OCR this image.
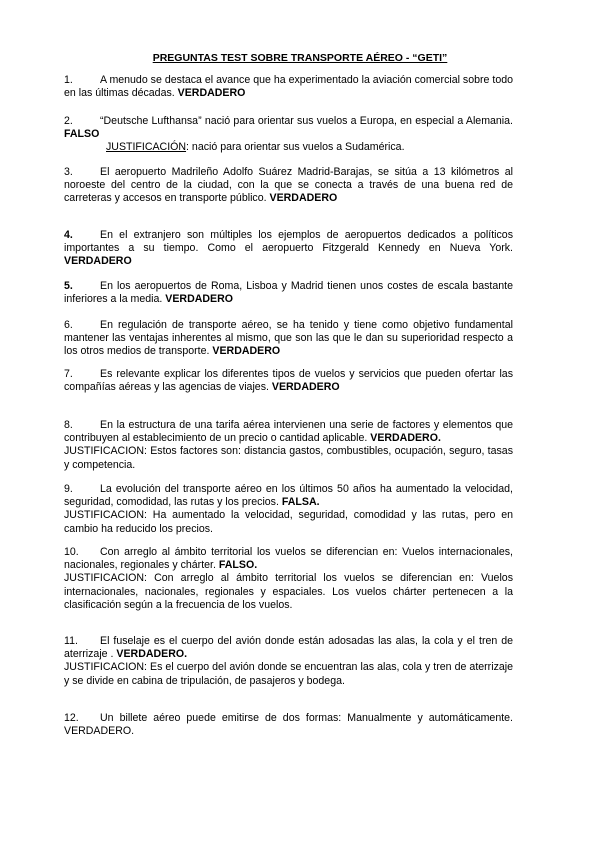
PREGUNTAS TEST SOBRE TRANSPORTE AÉREO - “GETI”
1.	A menudo se destaca el avance que ha experimentado la aviación comercial sobre todo en las últimas décadas. VERDADERO
2.	“Deutsche Lufthansa” nació para orientar sus vuelos a Europa, en especial a Alemania. FALSO
JUSTIFICACIÓN: nació para orientar sus vuelos a Sudamérica.
3.	El aeropuerto Madrileño Adolfo Suárez Madrid-Barajas, se sitúa a 13 kilómetros al noroeste del centro de la ciudad, con la que se conecta a través de una buena red de carreteras y accesos en transporte público. VERDADERO
4.	En el extranjero son múltiples los ejemplos de aeropuertos dedicados a políticos importantes a su tiempo. Como el aeropuerto Fitzgerald Kennedy en Nueva York. VERDADERO
5.	En los aeropuertos de Roma, Lisboa y Madrid tienen unos costes de escala bastante inferiores a la media. VERDADERO
6.	En regulación de transporte aéreo, se ha tenido y tiene como objetivo fundamental mantener las ventajas inherentes al mismo, que son las que le dan su superioridad respecto a los otros medios de transporte. VERDADERO
7.	Es relevante explicar los diferentes tipos de vuelos y servicios que pueden ofertar las compañías aéreas y las agencias de viajes. VERDADERO
8.	En la estructura de una tarifa aérea intervienen una serie de factores y elementos que contribuyen al establecimiento de un precio o cantidad aplicable. VERDADERO.
JUSTIFICACION: Estos factores son: distancia gastos, combustibles, ocupación, seguro, tasas y competencia.
9.	La evolución del transporte aéreo en los últimos 50 años ha aumentado la velocidad, seguridad, comodidad, las rutas y los precios. FALSA.
JUSTIFICACION: Ha aumentado la velocidad, seguridad, comodidad y las rutas, pero en cambio ha reducido los precios.
10. Con arreglo al ámbito territorial los vuelos se diferencian en: Vuelos internacionales, nacionales, regionales y chárter. FALSO.
JUSTIFICACION: Con arreglo al ámbito territorial los vuelos se diferencian en: Vuelos internacionales, nacionales, regionales y espaciales. Los vuelos chárter pertenecen a la clasificación según a la frecuencia de los vuelos.
11. El fuselaje es el cuerpo del avión donde están adosadas las alas, la cola y el tren de aterrizaje . VERDADERO.
JUSTIFICACION: Es el cuerpo del avión donde se encuentran las alas, cola y tren de aterrizaje y se divide en cabina de tripulación, de pasajeros y bodega.
12. Un billete aéreo puede emitirse de dos formas: Manualmente y automáticamente. VERDADERO.
